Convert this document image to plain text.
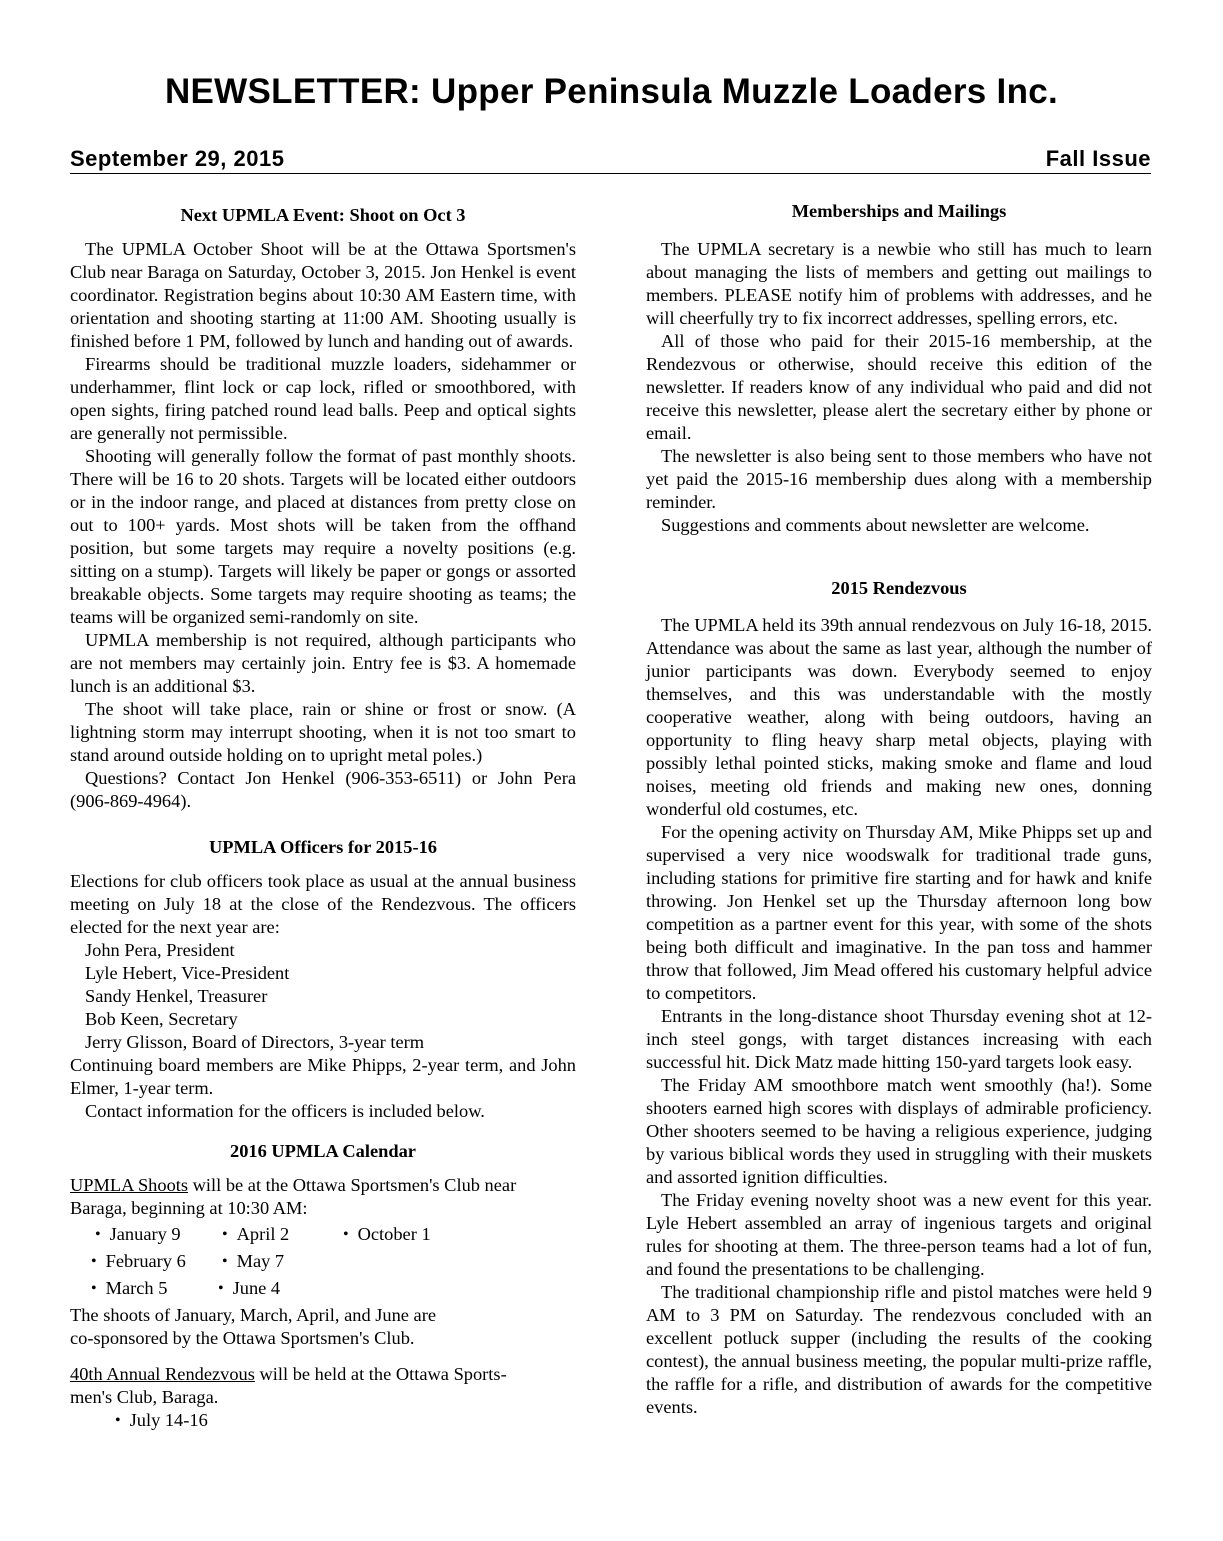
NEWSLETTER: Upper Peninsula Muzzle Loaders Inc.
September 29, 2015	Fall Issue
Next UPMLA Event: Shoot on Oct 3

The UPMLA October Shoot will be at the Ottawa Sportsmen's Club near Baraga on Saturday, October 3, 2015. Jon Henkel is event coordinator. Registration begins about 10:30 AM Eastern time, with orientation and shooting starting at 11:00 AM. Shooting usually is finished before 1 PM, followed by lunch and handing out of awards.

Firearms should be traditional muzzle loaders, sidehammer or underhammer, flint lock or cap lock, rifled or smoothbored, with open sights, firing patched round lead balls. Peep and optical sights are generally not permissible.

Shooting will generally follow the format of past monthly shoots. There will be 16 to 20 shots. Targets will be located either outdoors or in the indoor range, and placed at distances from pretty close on out to 100+ yards. Most shots will be taken from the offhand position, but some targets may require a novelty positions (e.g. sitting on a stump). Targets will likely be paper or gongs or assorted breakable objects. Some targets may require shooting as teams; the teams will be organized semi-randomly on site.

UPMLA membership is not required, although participants who are not members may certainly join. Entry fee is $3. A homemade lunch is an additional $3.

The shoot will take place, rain or shine or frost or snow. (A lightning storm may interrupt shooting, when it is not too smart to stand around outside holding on to upright metal poles.)

Questions? Contact Jon Henkel (906-353-6511) or John Pera (906-869-4964).

UPMLA Officers for 2015-16

Elections for club officers took place as usual at the annual business meeting on July 18 at the close of the Rendezvous. The officers elected for the next year are:

John Pera, President
Lyle Hebert, Vice-President
Sandy Henkel, Treasurer
Bob Keen, Secretary
Jerry Glisson, Board of Directors, 3-year term

Continuing board members are Mike Phipps, 2-year term, and John Elmer, 1-year term.

Contact information for the officers is included below.
2016 UPMLA Calendar

UPMLA Shoots will be at the Ottawa Sportsmen's Club near Baraga, beginning at 10:30 AM:

• January 9	• April 2	• October 1
• February 6	• May 7
• March 5	• June 4
The shoots of January, March, April, and June are
co-sponsored by the Ottawa Sportsmen's Club.
40th Annual Rendezvous will be held at the Ottawa Sports-
men's Club, Baraga.
• July 14-16
Memberships and Mailings

The UPMLA secretary is a newbie who still has much to learn about managing the lists of members and getting out mailings to members. PLEASE notify him of problems with addresses, and he will cheerfully try to fix incorrect addresses, spelling errors, etc.

All of those who paid for their 2015-16 membership, at the Rendezvous or otherwise, should receive this edition of the newsletter. If readers know of any individual who paid and did not receive this newsletter, please alert the secretary either by phone or email.

The newsletter is also being sent to those members who have not yet paid the 2015-16 membership dues along with a membership reminder.

Suggestions and comments about newsletter are welcome.

2015 Rendezvous

The UPMLA held its 39th annual rendezvous on July 16-18, 2015. Attendance was about the same as last year, although the number of junior participants was down. Everybody seemed to enjoy themselves, and this was understandable with the mostly cooperative weather, along with being outdoors, having an opportunity to fling heavy sharp metal objects, playing with possibly lethal pointed sticks, making smoke and flame and loud noises, meeting old friends and making new ones, donning wonderful old costumes, etc.

For the opening activity on Thursday AM, Mike Phipps set up and supervised a very nice woodswalk for traditional trade guns, including stations for primitive fire starting and for hawk and knife throwing. Jon Henkel set up the Thursday afternoon long bow competition as a partner event for this year, with some of the shots being both difficult and imaginative. In the pan toss and hammer throw that followed, Jim Mead offered his customary helpful advice to competitors.

Entrants in the long-distance shoot Thursday evening shot at 12-inch steel gongs, with target distances increasing with each successful hit. Dick Matz made hitting 150-yard targets look easy.

The Friday AM smoothbore match went smoothly (ha!). Some shooters earned high scores with displays of admirable proficiency. Other shooters seemed to be having a religious experience, judging by various biblical words they used in struggling with their muskets and assorted ignition difficulties.

The Friday evening novelty shoot was a new event for this year. Lyle Hebert assembled an array of ingenious targets and original rules for shooting at them. The three-person teams had a lot of fun, and found the presentations to be challenging.

The traditional championship rifle and pistol matches were held 9 AM to 3 PM on Saturday. The rendezvous concluded with an excellent potluck supper (including the results of the cooking contest), the annual business meeting, the popular multi-prize raffle, the raffle for a rifle, and distribution of awards for the competitive events.
